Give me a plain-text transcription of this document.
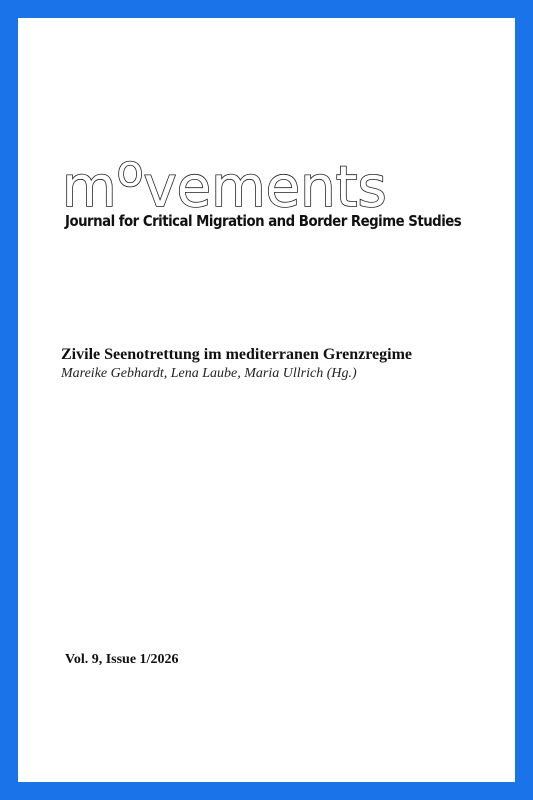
$m^ovements$
Journal for Critical Migration and Border Regime Studies
Zivile Seenotrettung im mediterranen Grenzregime
Mareike Gebhardt, Lena Laube, Maria Ullrich (Hg.)
Vol. 9, Issue 1/2026
